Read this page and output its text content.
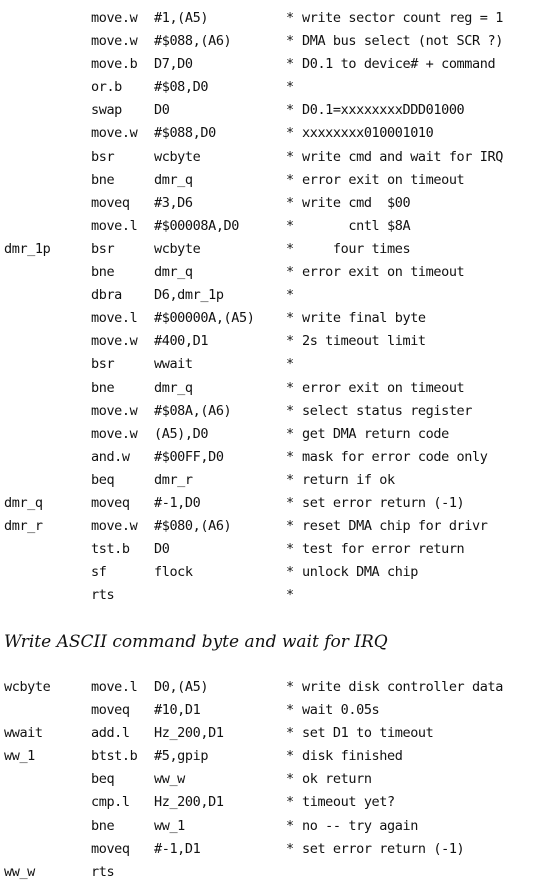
move.w #1,(A5)	* write sector count reg = 1
move.w #$088,(A6)	* DMA bus select (not SCR ?)
move.b D7,D0	* D0.1 to device# + command
or.b #$08,D0	*
swap D0	* D0.1=xxxxxxxxDDD01000
move.w #$088,D0	* xxxxxxxx010001010
bsr	wcbyte	* write cmd and wait for IRQ
bne	dmr_q	* error exit on timeout
moveq #3,D6	* write cmd  $00
move.l #$00008A,D0	* cntl $8A
dmr_1p	bsr	wcbyte	* four times
bne	dmr_q	* error exit on timeout
dbra D6,dmr_1p	*
move.l #$00000A,(A5) * write final byte
move.w #400,D1	* 2s timeout limit
bsr	wwait	*
bne	dmr_q	* error exit on timeout
move.w #$08A,(A6)	* select status register
move.w (A5),D0	* get DMA return code
and.w #$00FF,D0	* mask for error code only
beq	dmr_r	* return if ok
dmr_q	moveq #-1,D0	* set error return (-1)
dmr_r	move.w #$080,(A6)	* reset DMA chip for drivr
tst.b D0	* test for error return
sf	flock	* unlock DMA chip
rts	*
Write ASCII command byte and wait for IRQ
wcbyte	move.l D0,(A5)	* write disk controller data
moveq #10,D1	* wait 0.05s
wwait	add.l Hz_200,D1	* set D1 to timeout
ww_1	btst.b #5,gpip	* disk finished
beq	ww_w	* ok return
cmp.l Hz_200,D1	* timeout yet?
bne	ww_1	* no -- try again
moveq #-1,D1	* set error return (-1)
ww_w	rts
